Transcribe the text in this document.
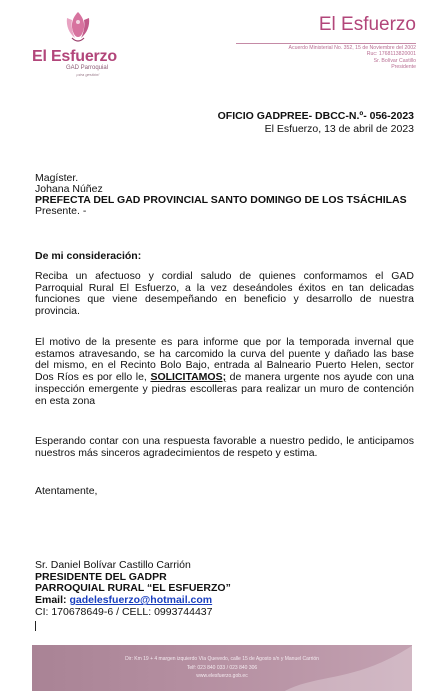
El Esfuerzo
GAD Parroquial
¡otra gestión!
El Esfuerzo
Acuerdo Ministerial No. 352, 15 de Noviembre del 2002
Ruc: 1768113820001
Sr. Bolívar Castillo
Presidente
OFICIO GADPREE- DBCC-N.º- 056-2023
El Esfuerzo, 13 de abril de 2023
Magíster.
Johana Núñez
PREFECTA DEL GAD PROVINCIAL SANTO DOMINGO DE LOS TSÁCHILAS
Presente. -
De mi consideración:
Reciba un afectuoso y cordial saludo de quienes conformamos el GAD Parroquial Rural El Esfuerzo, a la vez deseándoles éxitos en tan delicadas funciones que viene desempeñando en beneficio y desarrollo de nuestra provincia.
El motivo de la presente es para informe que por la temporada invernal que estamos atravesando, se ha carcomido la curva del puente y dañado las base del mismo, en el Recinto Bolo Bajo, entrada al Balneario Puerto Helen, sector Dos Ríos es por ello le, SOLICITAMOS; de manera urgente nos ayude con una inspección emergente y piedras escolleras para realizar un muro de contención en esta zona
Esperando contar con una respuesta favorable a nuestro pedido, le anticipamos nuestros más sinceros agradecimientos de respeto y estima.
Atentamente,
Sr. Daniel Bolívar Castillo Carrión
PRESIDENTE DEL GADPR
PARROQUIAL RURAL “EL ESFUERZO”
Email: gadelesfuerzo@hotmail.com
CI: 170678649-6 / CELL: 0993744437
Dir: Km 19 + 4 margen izquierdo Vía Quevedo, calle 15 de Agosto s/n y Manuel Carrión
Telf: 023 840 033 / 023 840 306
www.elesfuerzo.gob.ec
